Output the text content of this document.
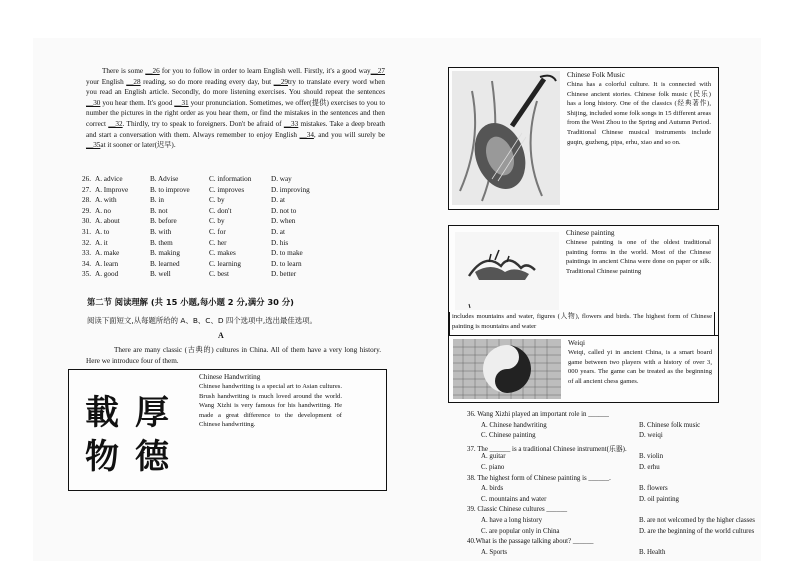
There is some __26 for you to follow in order to learn English well. Firstly, it's a good way__27 your English __28 reading, so do more reading every day, but __29try to translate every word when you read an English article. Secondly, do more listening exercises. You should repeat the sentences __30 you hear them. It's good __31 your pronunciation. Sometimes, we offer(提供) exercises to you to number the pictures in the right order as you hear them, or find the mistakes in the sentences and then correct __32. Thirdly, try to speak to foreigners. Don't be afraid of __33 mistakes. Take a deep breath and start a conversation with them. Always remember to enjoy English __34, and you will surely be __35at it sooner or later(迟早).
26. A. advice	B. Advise	C. information	D. way
27. A. Improve	B. to improve	C. improves	D. improving
28. A. with	B. in	C. by	D. at
29. A. no	B. not	C. don't	D. not to
30. A. about	B. before	C. by	D. when
31. A. to	B. with	C. for	D. at
32. A. it	B. them	C. her	D. his
33. A. make	B. making	C. makes	D. to make
34. A. learn	B. learned	C. learning	D. to learn
35. A. good	B. well	C. best	D. better
第二节 阅读理解 (共 15 小题,每小题 2 分,满分 30 分)
阅读下面短文,从每题所给的 A、B、C、D 四个选项中,选出最佳选项。
A
There are many classic (古典的) cultures in China. All of them have a very long history. Here we introduce four of them.
載 厚
物 德
Chinese Handwriting
Chinese handwriting is a special art to Asian cultures. Brush handwriting is much loved around the world. Wang Xizhi is very famous for his handwriting. He made a great difference to the development of Chinese handwriting.
Chinese Folk Music
China has a colorful culture. It is connected with Chinese ancient stories. Chinese folk music (民乐) has a long history. One of the classics (经典著作), Shijing, included some folk songs in 15 different areas from the West Zhou to the Spring and Autumn Period. Traditional Chinese musical instruments include guqin, guzheng, pipa, erhu, xiao and so on.
Chinese painting
Chinese painting is one of the oldest traditional painting forms in the world. Most of the Chinese paintings in ancient China were done on paper or silk. Traditional Chinese painting
includes mountains and water, figures (人物), flowers and birds. The highest form of Chinese painting is mountains and water
Weiqi
Weiqi, called yi in ancient China, is a smart board game between two players with a history of over 3, 000 years. The game can be treated as the beginning of all ancient chess games.
36. Wang Xizhi played an important role in ______
A. Chinese handwriting	B. Chinese folk music
C. Chinese painting	D. weiqi
37. The ______ is a traditional Chinese instrument(乐器).
A. guitar	B. violin
C. piano	D. erhu
38. The highest form of Chinese painting is ______.
A. birds	B. flowers
C. mountains and water	D. oil painting
39. Classic Chinese cultures ______
A. have a long history	B. are not welcomed by the higher classes
C. are popular only in China	D. are the beginning of the world cultures
40.What is the passage talking about? ______
A. Sports	B. Health
